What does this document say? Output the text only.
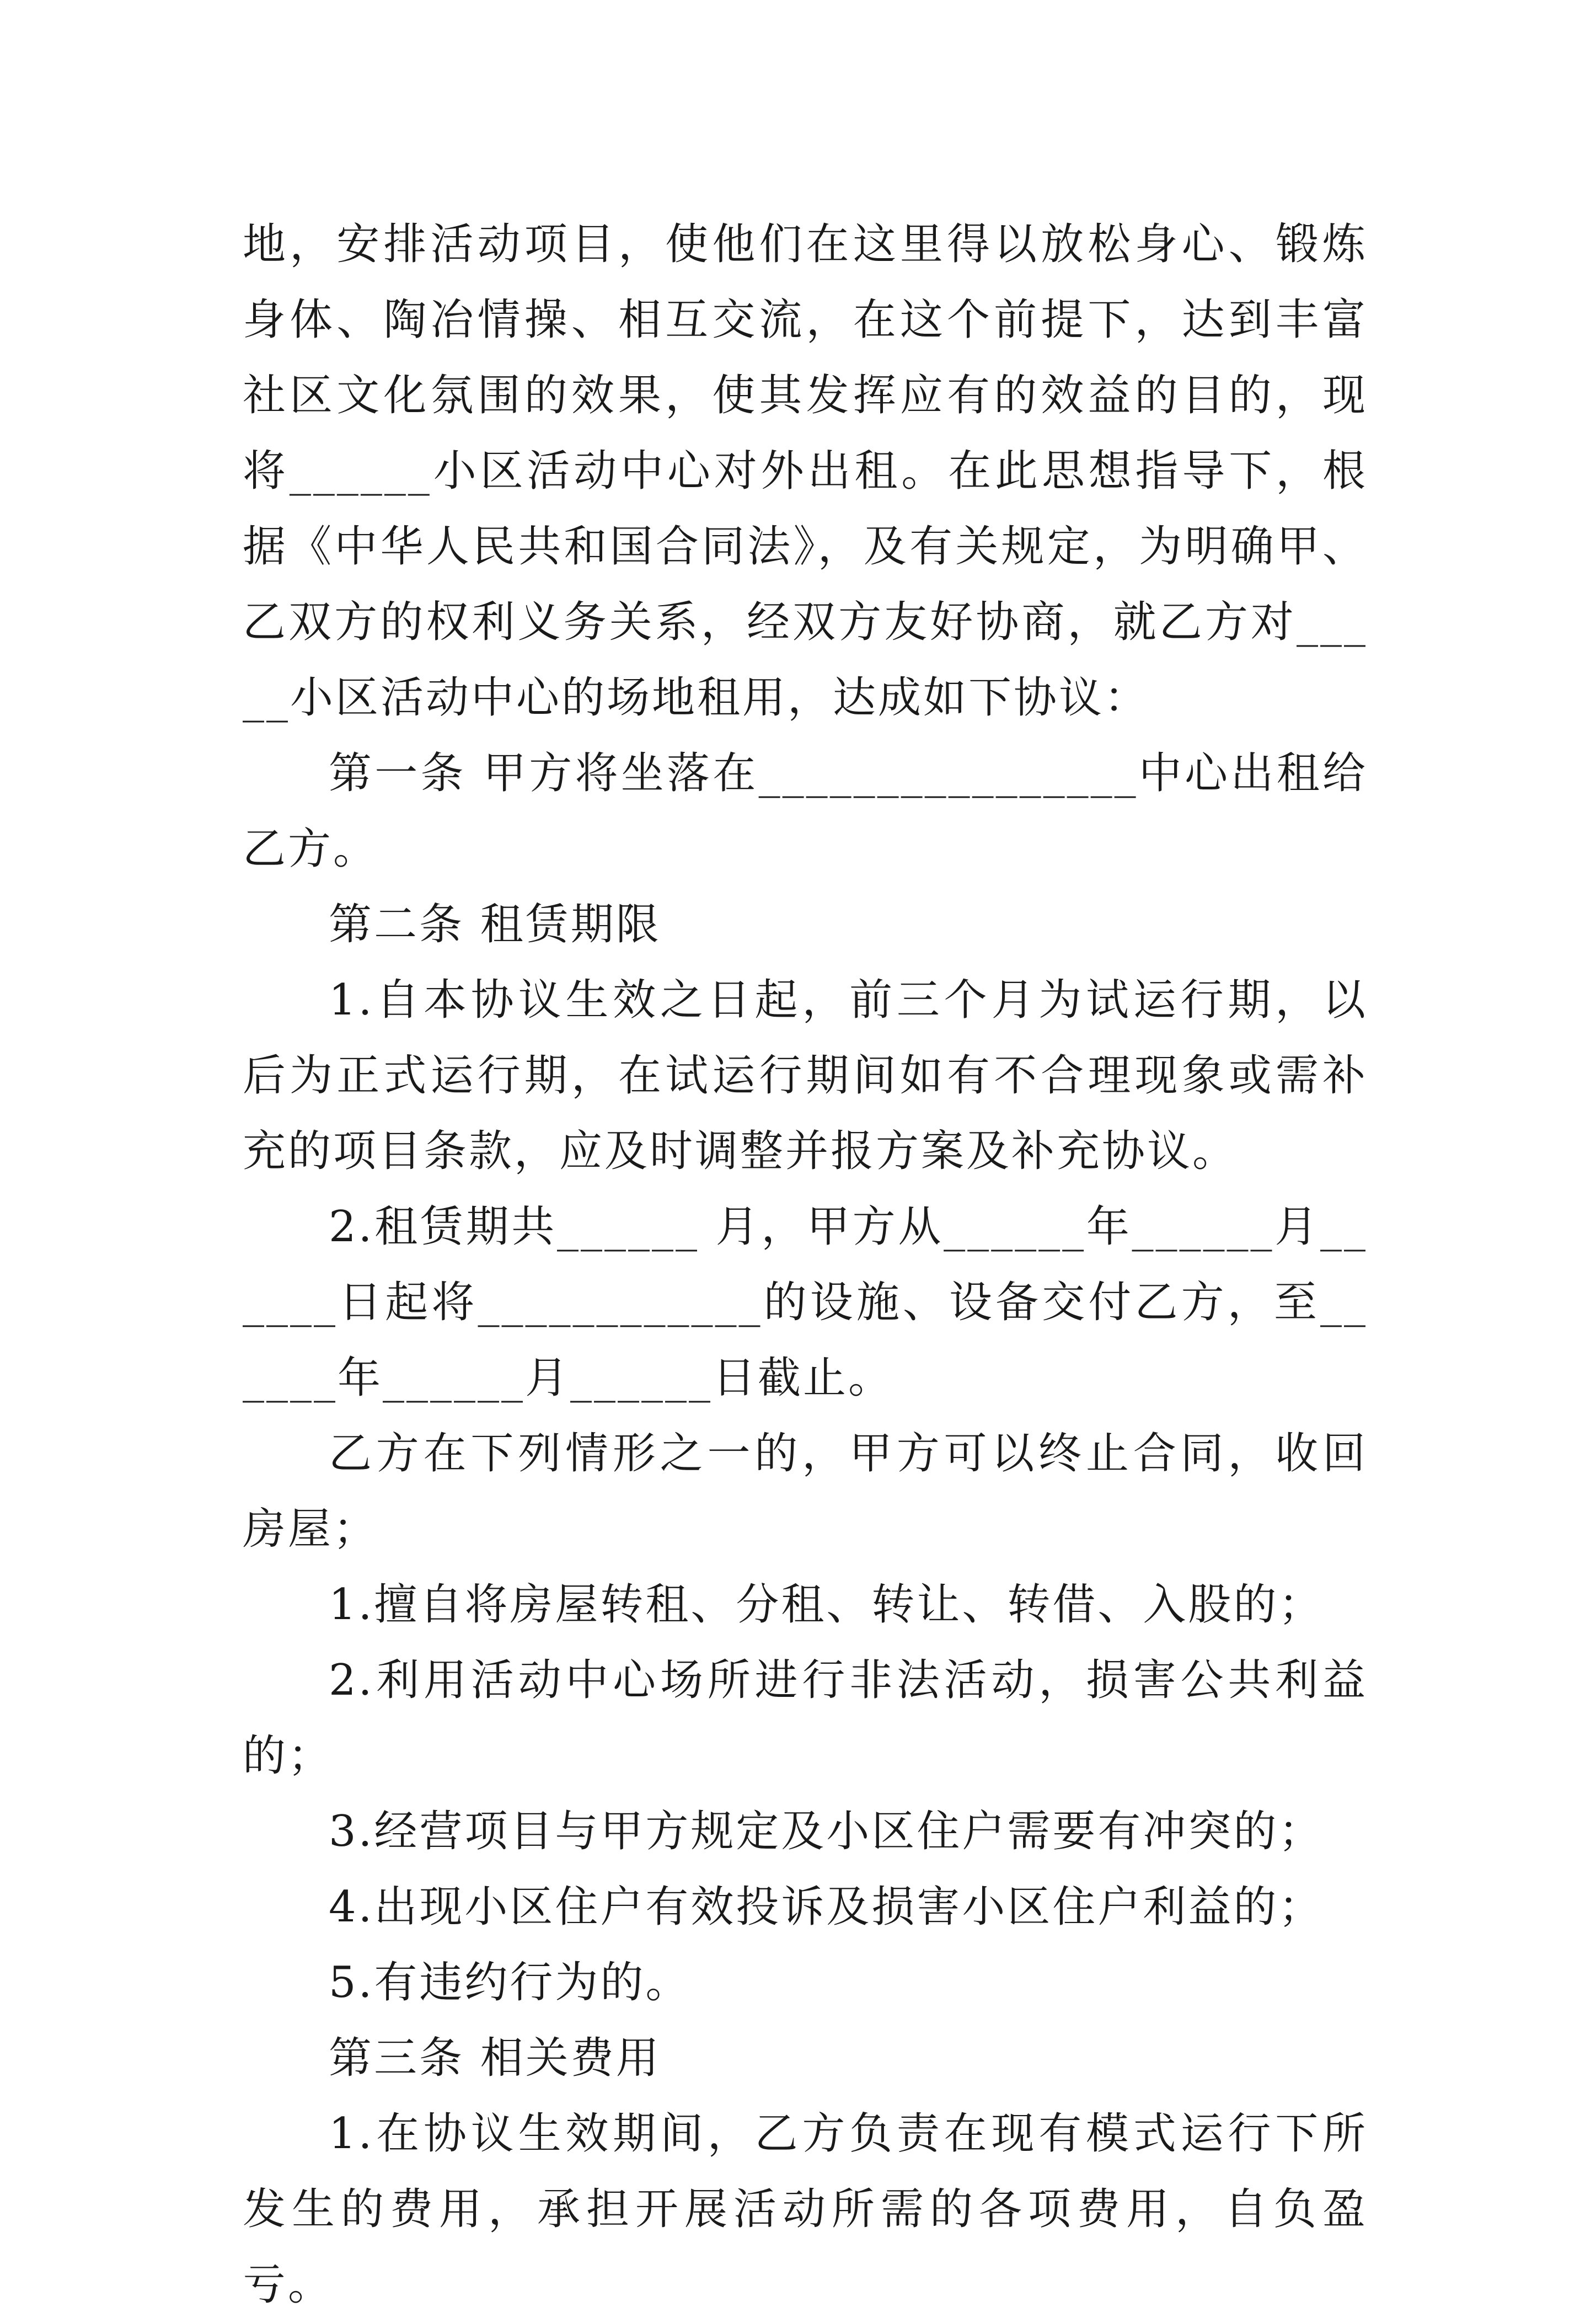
地，安排活动项目，使他们在这里得以放松身心、锻炼身体、陶冶情操、相互交流，在这个前提下，达到丰富社区文化氛围的效果，使其发挥应有的效益的目的，现将______小区活动中心对外出租。在此思想指导下，根据《中华人民共和国合同法》，及有关规定，为明确甲、乙双方的权利义务关系，经双方友好协商，就乙方对_____小区活动中心的场地租用，达成如下协议：

第一条 甲方将坐落在________________中心出租给乙方。

第二条 租赁期限

1.自本协议生效之日起，前三个月为试运行期，以后为正式运行期，在试运行期间如有不合理现象或需补充的项目条款，应及时调整并报方案及补充协议。

2.租赁期共______ 月，甲方从______年______月______日起将____________的设施、设备交付乙方，至______年______月______日截止。

乙方在下列情形之一的，甲方可以终止合同，收回房屋；

1.擅自将房屋转租、分租、转让、转借、入股的；

2.利用活动中心场所进行非法活动，损害公共利益的；

3.经营项目与甲方规定及小区住户需要有冲突的；

4.出现小区住户有效投诉及损害小区住户利益的；

5.有违约行为的。

第三条 相关费用

1.在协议生效期间，乙方负责在现有模式运行下所发生的费用，承担开展活动所需的各项费用，自负盈亏。
